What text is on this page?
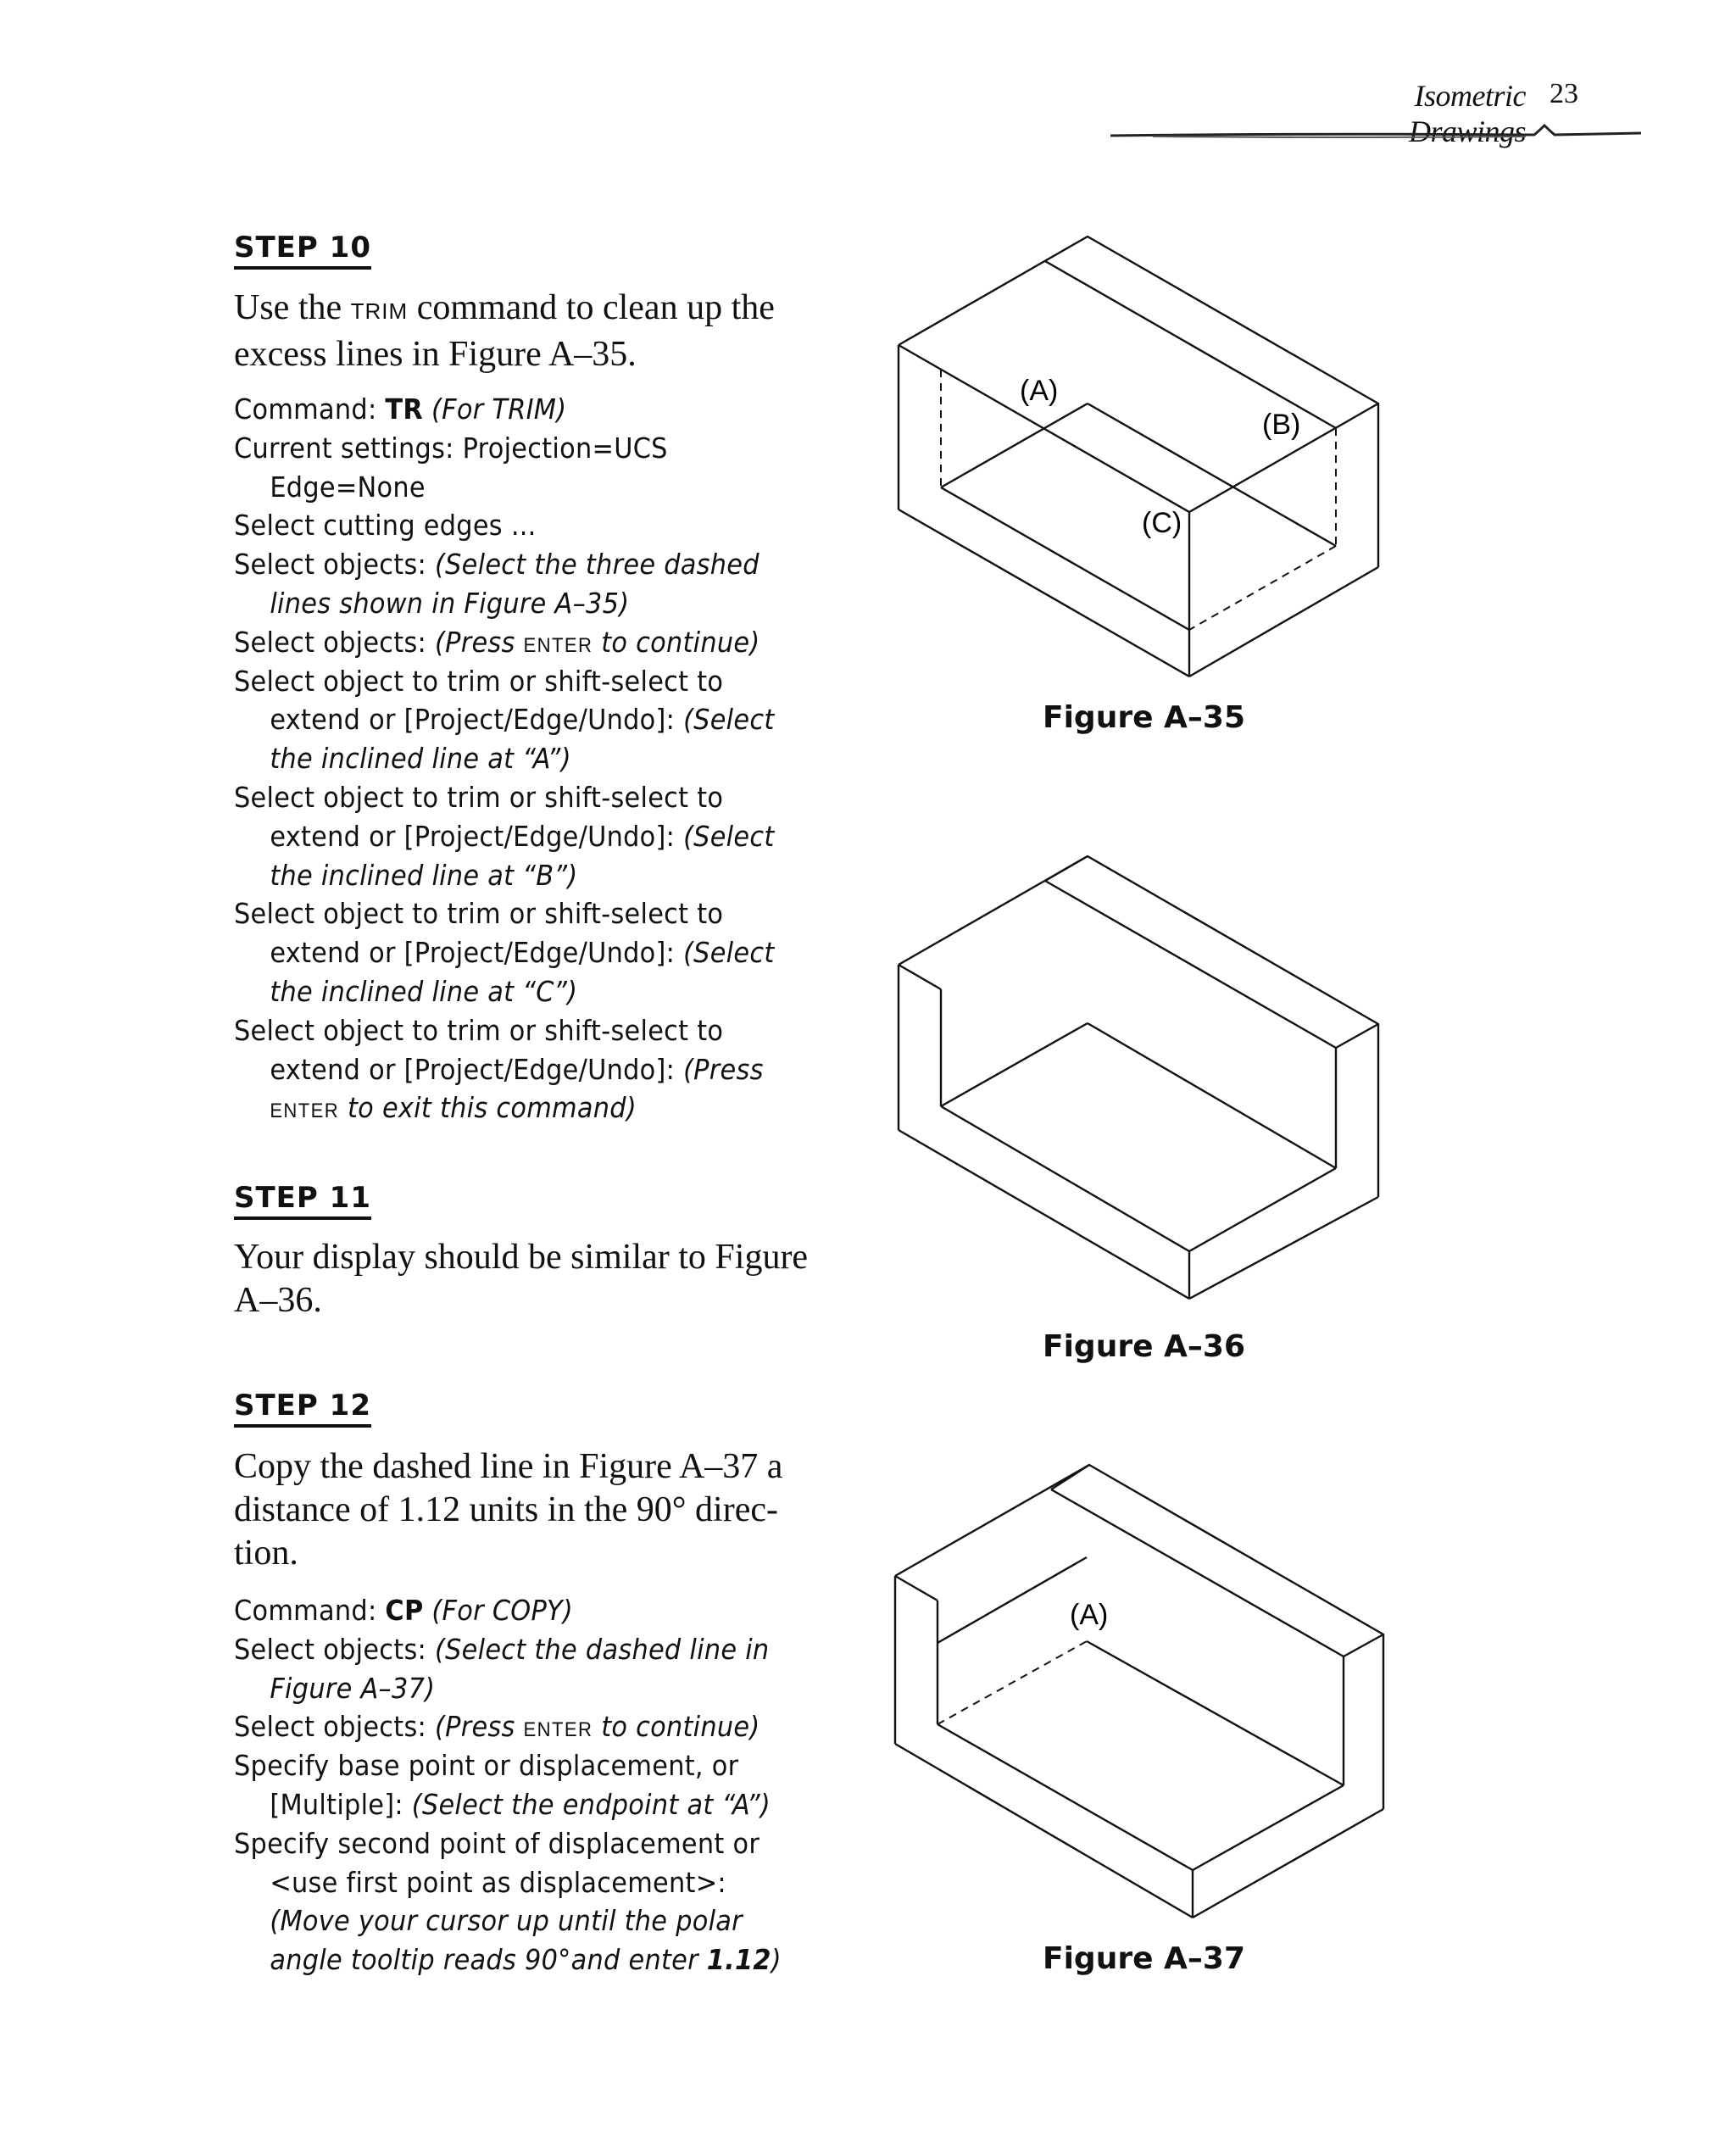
Isometric Drawings
23
STEP 10

Use the TRIM command to clean up the excess lines in Figure A–35.

Command: TR (For TRIM)
Current settings: Projection=UCS
Edge=None
Select cutting edges ...
Select objects: (Select the three dashed
lines shown in Figure A–35)
Select objects: (Press ENTER to continue)
Select object to trim or shift-select to
extend or [Project/Edge/Undo]: (Select
the inclined line at “A”)
Select object to trim or shift-select to
extend or [Project/Edge/Undo]: (Select
the inclined line at “B”)
Select object to trim or shift-select to
extend or [Project/Edge/Undo]: (Select
the inclined line at “C”)
Select object to trim or shift-select to
extend or [Project/Edge/Undo]: (Press
ENTER to exit this command)
STEP 11

Your display should be similar to Figure A–36.

STEP 12

Copy the dashed line in Figure A–37 a distance of 1.12 units in the 90° direc-tion.

Command: CP (For COPY)
Select objects: (Select the dashed line in
Figure A–37)
Select objects: (Press ENTER to continue)
Specify base point or displacement, or
[Multiple]: (Select the endpoint at “A”)
Specify second point of displacement or
<use first point as displacement>:
(Move your cursor up until the polar
angle tooltip reads 90°and enter 1.12)
(A)
(B)
(C)
Figure A–35
Figure A–36
(A)
Figure A–37
